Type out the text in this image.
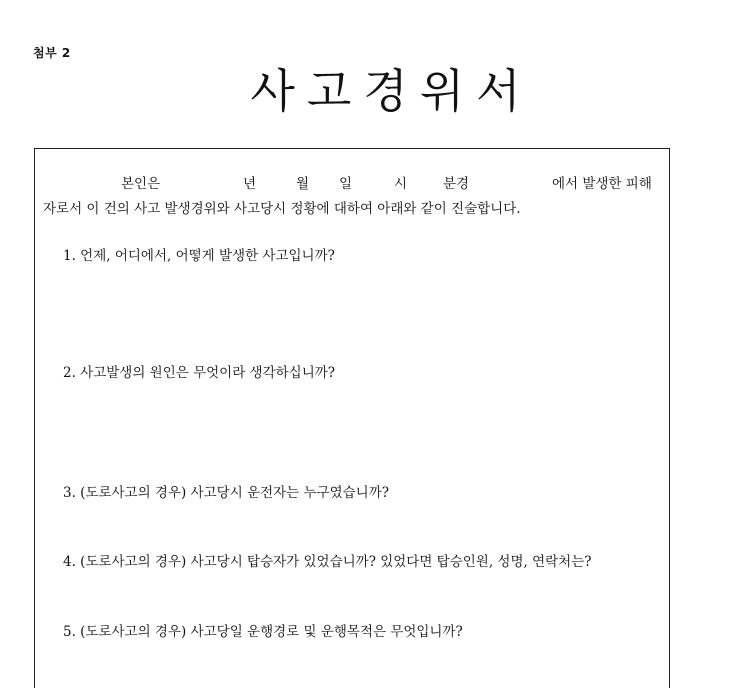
첨부 2
사고경위서
본인은	년	월 일	시	분경	에서 발생한 피해
자로서 이 건의 사고 발생경위와 사고당시 정황에 대하여 아래와 같이 진술합니다.
1. 언제, 어디에서, 어떻게 발생한 사고입니까?
2. 사고발생의 원인은 무엇이라 생각하십니까?
3. (도로사고의 경우) 사고당시 운전자는 누구였습니까?
4. (도로사고의 경우) 사고당시 탑승자가 있었습니까? 있었다면 탑승인원, 성명, 연락처는?
5. (도로사고의 경우) 사고당일 운행경로 및 운행목적은 무엇입니까?
